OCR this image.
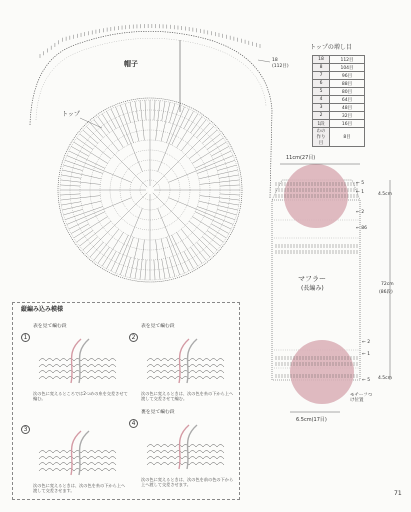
帽子
トップ
18
(112目)
トップの増し目
18	112目
8	104目
7	96目
6	88目
5	80目
4	64目
3	48目
2	32目
1段	16目
わの作り目	8目
11cm(27目)
マフラー
(長編み)
4.5cm
72cm
(86段)
4.5cm
6.5cm(17目)
モチーフつけ位置
← 5
← 1
← 2
← 86
← 2
← 1
← 5
縦編み込み模様
1
表を見て編む段
次の色に変えるところでは2つめの糸を交差させて編む。
2
表を見て編む段
次の色に変えるときは、次の色を糸の下から上へ渡して交差させて編む。
3
次の色に変えるときは、次の色を糸の下から上へ渡して交差させます。
4
裏を見て編む段
次の色に変えるときは、次の色を前の色の下から上へ渡して交差させます。
71
